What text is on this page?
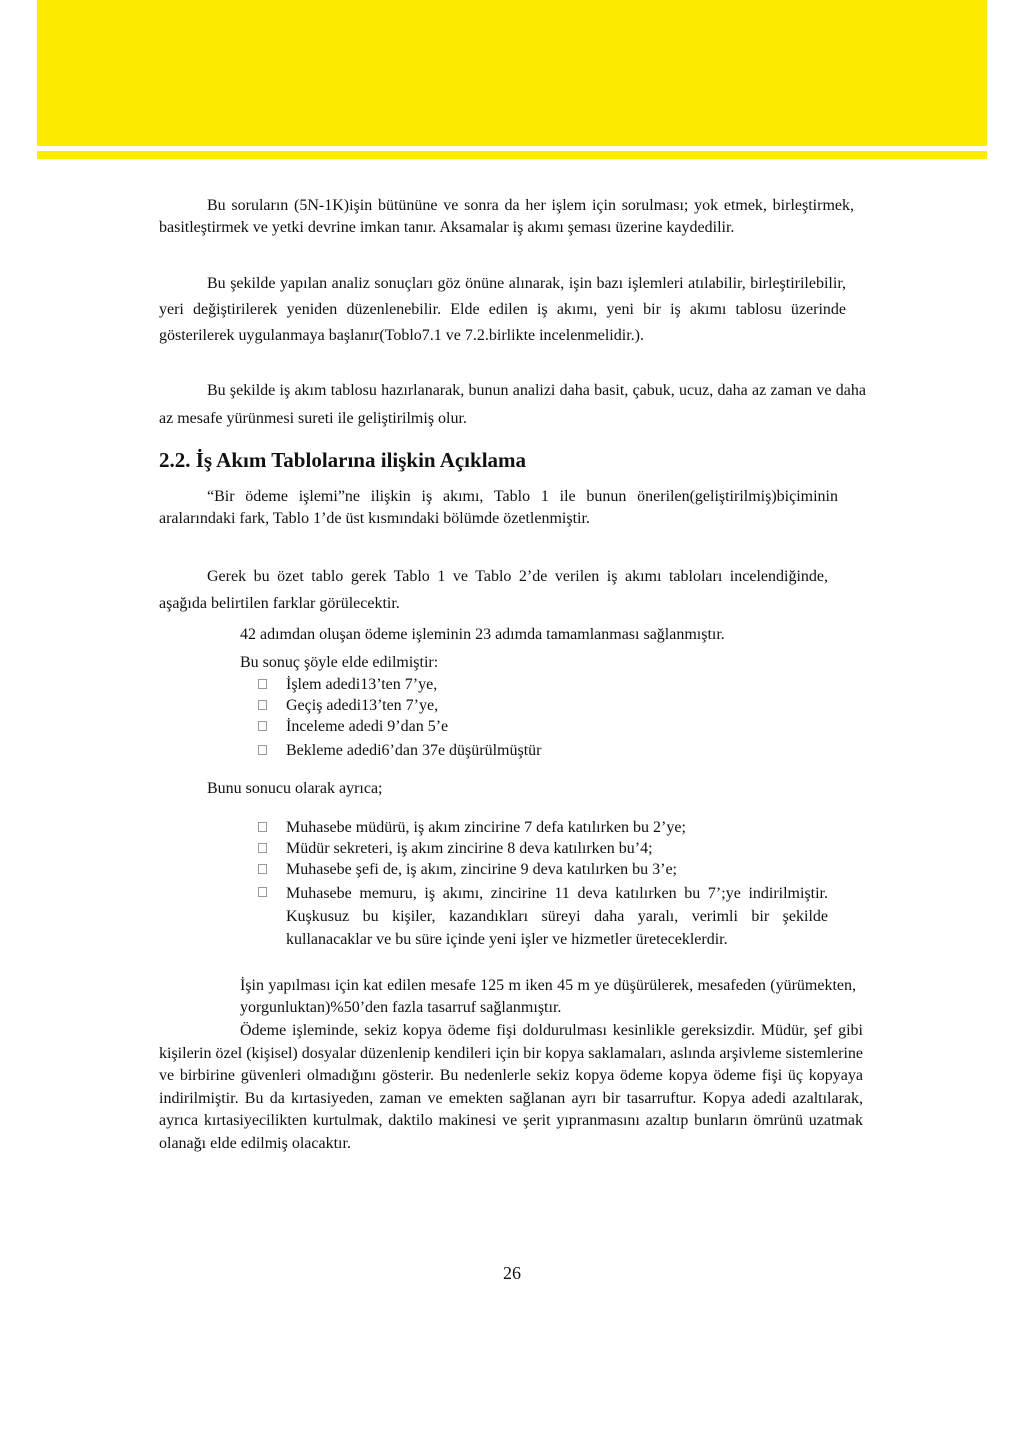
Bu soruların (5N-1K)işin bütününe ve sonra da her işlem için sorulması; yok etmek, birleştirmek, basitleştirmek ve yetki devrine imkan tanır. Aksamalar iş akımı şeması üzerine kaydedilir.

Bu şekilde yapılan analiz sonuçları göz önüne alınarak, işin bazı işlemleri atılabilir, birleştirilebilir, yeri değiştirilerek yeniden düzenlenebilir. Elde edilen iş akımı, yeni bir iş akımı tablosu üzerinde gösterilerek uygulanmaya başlanır(Toblo7.1 ve 7.2.birlikte incelenmelidir.).

Bu şekilde iş akım tablosu hazırlanarak, bunun analizi daha basit, çabuk, ucuz, daha az zaman ve daha az mesafe yürünmesi sureti ile geliştirilmiş olur.

2.2. İş Akım Tablolarına ilişkin Açıklama

“Bir ödeme işlemi”ne ilişkin iş akımı, Tablo 1 ile bunun önerilen(geliştirilmiş)biçiminin aralarındaki fark, Tablo 1’de üst kısmındaki bölümde özetlenmiştir.

Gerek bu özet tablo gerek Tablo 1 ve Tablo 2’de verilen iş akımı tabloları incelendiğinde, aşağıda belirtilen farklar görülecektir.

42 adımdan oluşan ödeme işleminin 23 adımda tamamlanması sağlanmıştır.

Bu sonuç şöyle elde edilmiştir:

İşlem adedi13’ten 7’ye,
Geçiş adedi13’ten 7’ye,
İnceleme adedi 9’dan 5’e
Bekleme adedi6’dan 37e düşürülmüştür

Bunu sonucu olarak ayrıca;

Muhasebe müdürü, iş akım zincirine 7 defa katılırken bu 2’ye;
Müdür sekreteri, iş akım zincirine 8 deva katılırken bu’4;
Muhasebe şefi de, iş akım, zincirine 9 deva katılırken bu 3’e;
Muhasebe memuru, iş akımı, zincirine 11 deva katılırken bu 7’;ye indirilmiştir. Kuşkusuz bu kişiler, kazandıkları süreyi daha yaralı, verimli bir şekilde kullanacaklar ve bu süre içinde yeni işler ve hizmetler üreteceklerdir.

İşin yapılması için kat edilen mesafe 125 m iken 45 m ye düşürülerek, mesafeden (yürümekten, yorgunluktan)%50’den fazla tasarruf sağlanmıştır.

Ödeme işleminde, sekiz kopya ödeme fişi doldurulması kesinlikle gereksizdir. Müdür, şef gibi kişilerin özel (kişisel) dosyalar düzenlenip kendileri için bir kopya saklamaları, aslında arşivleme sistemlerine ve birbirine güvenleri olmadığını gösterir. Bu nedenlerle sekiz kopya ödeme kopya ödeme fişi üç kopyaya indirilmiştir. Bu da kırtasiyeden, zaman ve emekten sağlanan ayrı bir tasarruftur. Kopya adedi azaltılarak, ayrıca kırtasiyecilikten kurtulmak, daktilo makinesi ve şerit yıpranmasını azaltıp bunların ömrünü uzatmak olanağı elde edilmiş olacaktır.

26
